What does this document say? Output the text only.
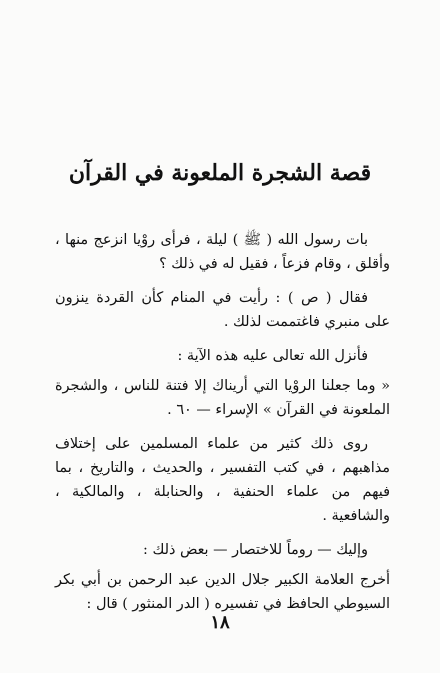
قصة الشجرة الملعونة في القرآن

بات رسول الله ( ﷺ ) ليلة ، فرأى روْيا انزعج منها ، وأقلق ، وقام فزعاً ، فقيل له في ذلك ؟

فقال ( ص ) : رأيت في المنام كأن القردة ينزون على منبري فاغتممت لذلك .

فأنزل الله تعالى عليه هذه الآية :

« وما جعلنا الروْيا التي أريناك إلا فتنة للناس ، والشجرة الملعونة في القرآن » الإسراء — ٦٠ .

روى ذلك كثير من علماء المسلمين على إختلاف مذاهبهم ، في كتب التفسير ، والحديث ، والتاريخ ، بما فيهم من علماء الحنفية ، والحنابلة ، والمالكية ، والشافعية .

وإليك — روماً للاختصار — بعض ذلك :

أخرج العلامة الكبير جلال الدين عبد الرحمن بن أبي بكر السيوطي الحافظ في تفسيره ( الدر المنثور ) قال :

١٨
